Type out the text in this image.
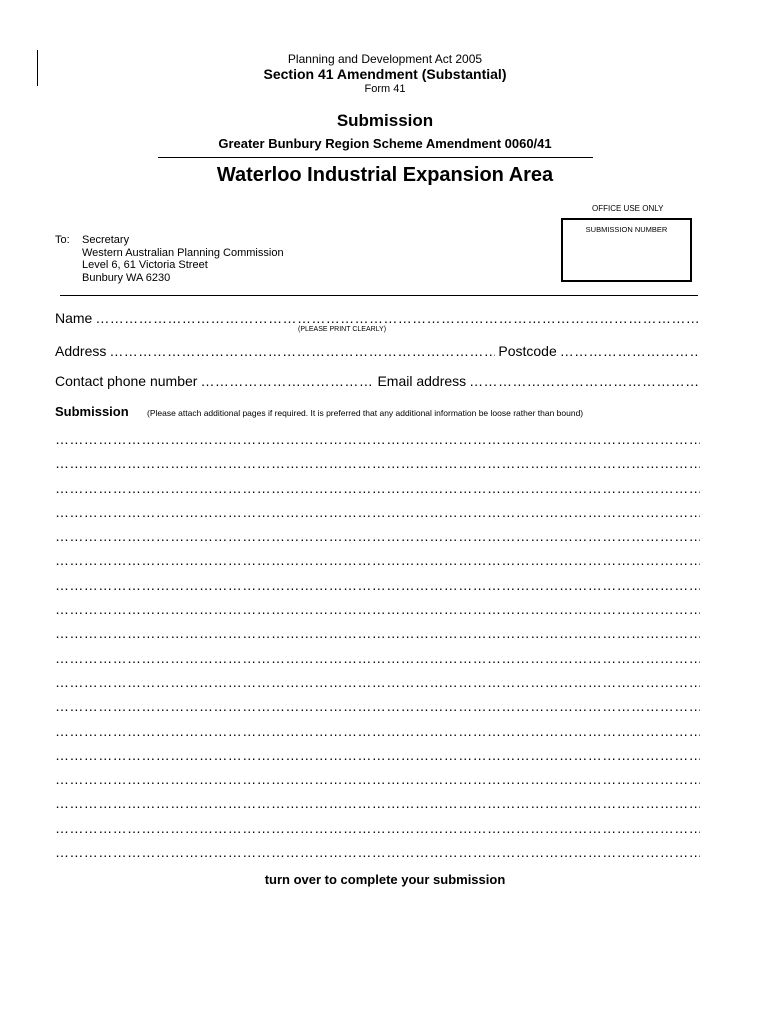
Planning and Development Act 2005
Section 41 Amendment (Substantial)
Form 41
Submission
Greater Bunbury Region Scheme Amendment 0060/41
Waterloo Industrial Expansion Area
OFFICE USE ONLY
SUBMISSION NUMBER
To: Secretary
Western Australian Planning Commission
Level 6, 61 Victoria Street
Bunbury WA 6230
Name
……………………………………………………………………………………………………………………………………………………………………
(PLEASE PRINT CLEARLY)
Address ……………………………………………………………………………………………………………………………………………………………………	Postcode
……………………………………………………………………………………………………………………………………………………………………
Contact phone number ……………………………………………………………………………………………………………………………………………………………………	Email address
……………………………………………………………………………………………………………………………………………………………………
Submission (Please attach additional pages if required. It is preferred that any additional information be loose rather than bound)
……………………………………………………………………………………………………………………………………………………………………
……………………………………………………………………………………………………………………………………………………………………
……………………………………………………………………………………………………………………………………………………………………
……………………………………………………………………………………………………………………………………………………………………
……………………………………………………………………………………………………………………………………………………………………
……………………………………………………………………………………………………………………………………………………………………
……………………………………………………………………………………………………………………………………………………………………
……………………………………………………………………………………………………………………………………………………………………
……………………………………………………………………………………………………………………………………………………………………
……………………………………………………………………………………………………………………………………………………………………
……………………………………………………………………………………………………………………………………………………………………
……………………………………………………………………………………………………………………………………………………………………
……………………………………………………………………………………………………………………………………………………………………
……………………………………………………………………………………………………………………………………………………………………
……………………………………………………………………………………………………………………………………………………………………
……………………………………………………………………………………………………………………………………………………………………
……………………………………………………………………………………………………………………………………………………………………
……………………………………………………………………………………………………………………………………………………………………
turn over to complete your submission
